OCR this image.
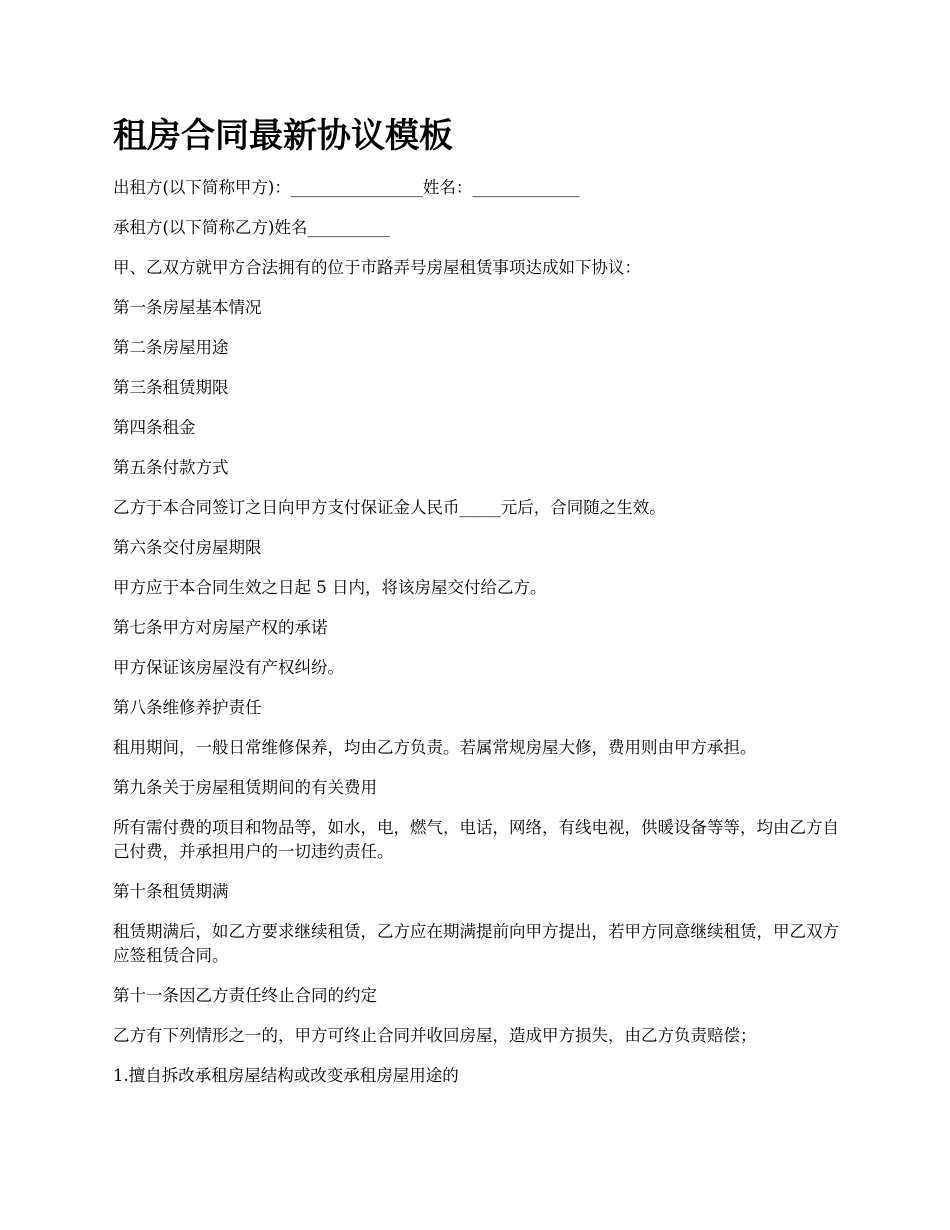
租房合同最新协议模板

出租方(以下简称甲方)：________________姓名：_____________

承租方(以下简称乙方)姓名__________

甲、乙双方就甲方合法拥有的位于市路弄号房屋租赁事项达成如下协议：

第一条房屋基本情况

第二条房屋用途

第三条租赁期限

第四条租金

第五条付款方式

乙方于本合同签订之日向甲方支付保证金人民币_____元后，合同随之生效。

第六条交付房屋期限

甲方应于本合同生效之日起 5 日内，将该房屋交付给乙方。

第七条甲方对房屋产权的承诺

甲方保证该房屋没有产权纠纷。

第八条维修养护责任

租用期间，一般日常维修保养，均由乙方负责。若属常规房屋大修，费用则由甲方承担。

第九条关于房屋租赁期间的有关费用

所有需付费的项目和物品等，如水，电，燃气，电话，网络，有线电视，供暖设备等等，均由乙方自己付费，并承担用户的一切违约责任。

第十条租赁期满

租赁期满后，如乙方要求继续租赁，乙方应在期满提前向甲方提出，若甲方同意继续租赁，甲乙双方应签租赁合同。

第十一条因乙方责任终止合同的约定

乙方有下列情形之一的，甲方可终止合同并收回房屋，造成甲方损失，由乙方负责赔偿；

1.擅自拆改承租房屋结构或改变承租房屋用途的
